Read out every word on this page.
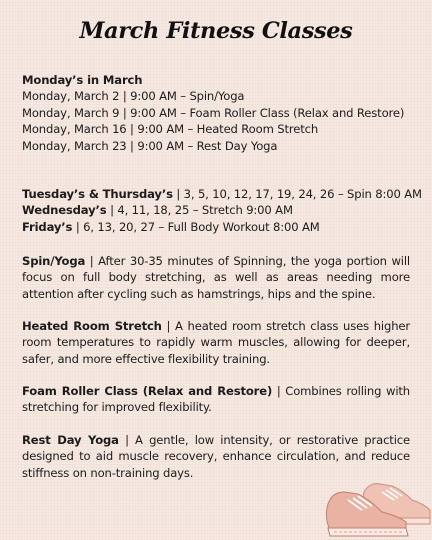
March Fitness Classes
Monday’s in March
Monday, March 2 | 9:00 AM – Spin/Yoga
Monday, March 9 | 9:00 AM – Foam Roller Class (Relax and Restore)
Monday, March 16 | 9:00 AM – Heated Room Stretch
Monday, March 23 | 9:00 AM – Rest Day Yoga
Tuesday’s & Thursday’s | 3, 5, 10, 12, 17, 19, 24, 26 – Spin 8:00 AM
Wednesday’s | 4, 11, 18, 25 – Stretch 9:00 AM
Friday’s | 6, 13, 20, 27 – Full Body Workout 8:00 AM

Spin/Yoga | After 30-35 minutes of Spinning, the yoga portion will focus on full body stretching, as well as areas needing more attention after cycling such as hamstrings, hips and the spine.

Heated Room Stretch | A heated room stretch class uses higher room temperatures to rapidly warm muscles, allowing for deeper, safer, and more effective flexibility training.

Foam Roller Class (Relax and Restore) | Combines rolling with stretching for improved flexibility.

Rest Day Yoga | A gentle, low intensity, or restorative practice designed to aid muscle recovery, enhance circulation, and reduce stiffness on non-training days.
